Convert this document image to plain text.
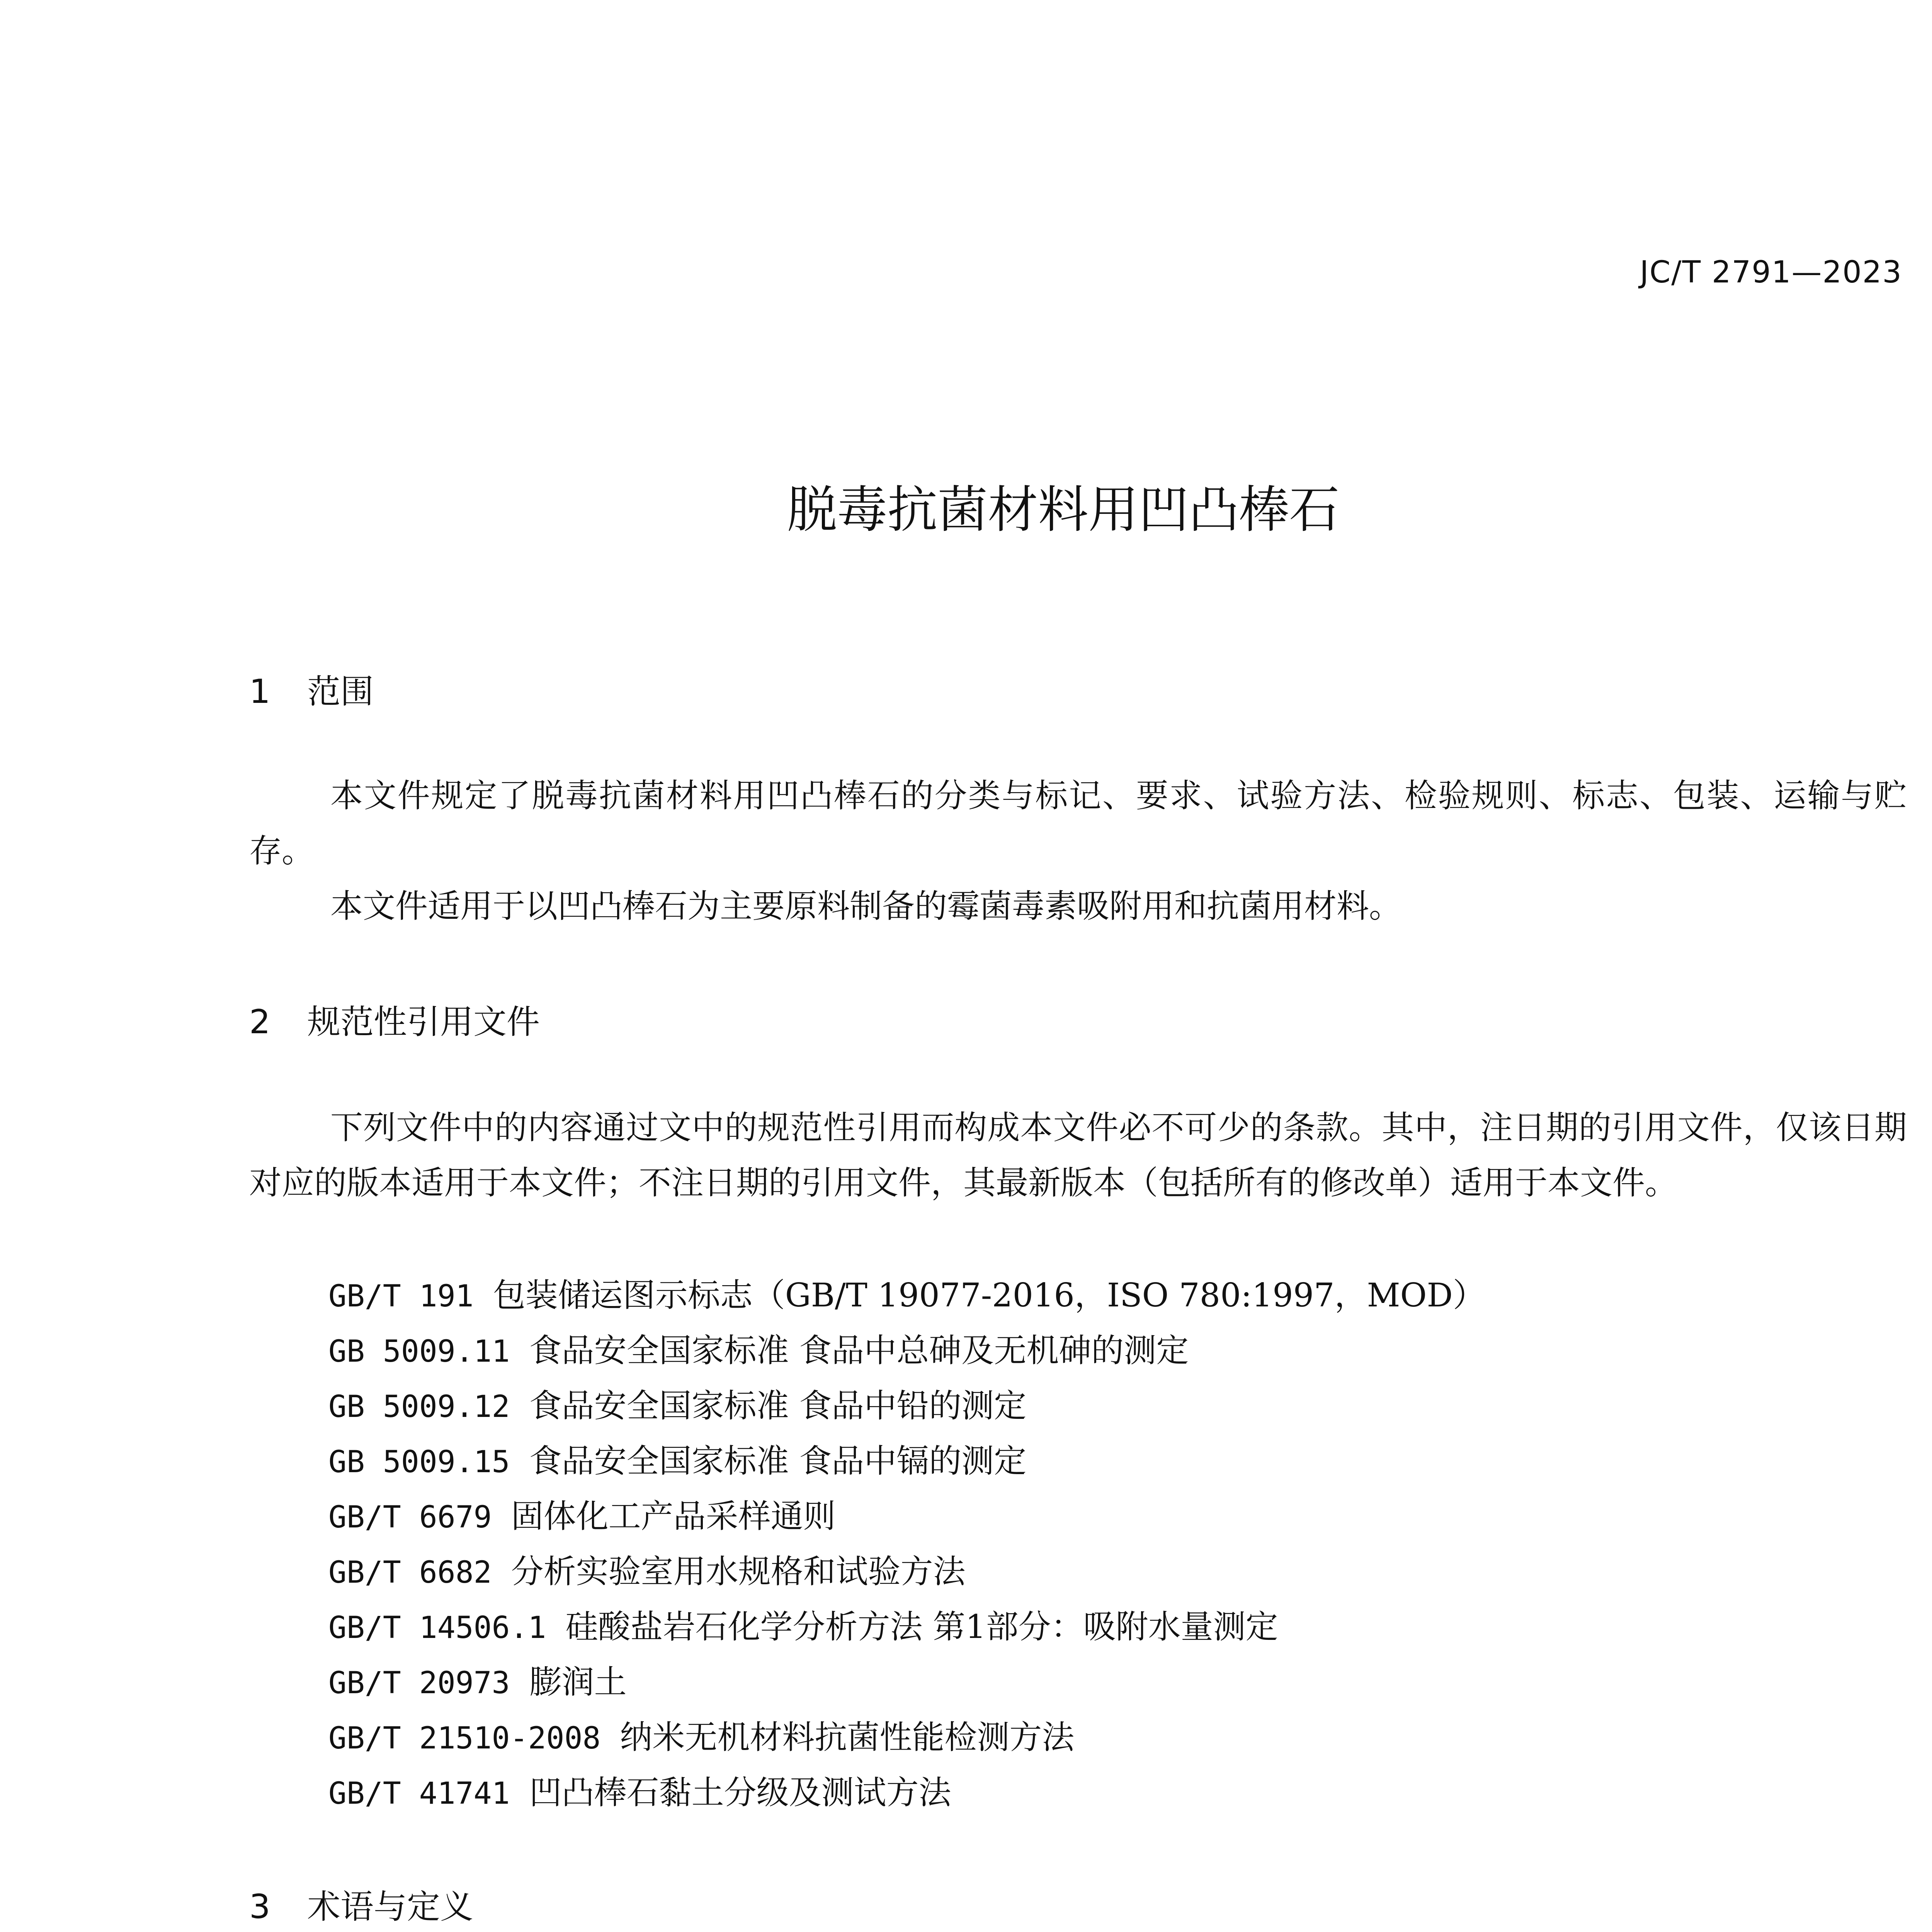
JC/T 2791—2023
脱毒抗菌材料用凹凸棒石
1 范围

本文件规定了脱毒抗菌材料用凹凸棒石的分类与标记、要求、试验方法、检验规则、标志、包装、运输与贮存。

本文件适用于以凹凸棒石为主要原料制备的霉菌毒素吸附用和抗菌用材料。

2 规范性引用文件

下列文件中的内容通过文中的规范性引用而构成本文件必不可少的条款。其中，注日期的引用文件，仅该日期对应的版本适用于本文件；不注日期的引用文件，其最新版本（包括所有的修改单）适用于本文件。

GB/T 191 包装储运图示标志（GB/T 19077-2016，ISO 780:1997，MOD）
GB 5009.11 食品安全国家标准 食品中总砷及无机砷的测定
GB 5009.12 食品安全国家标准 食品中铅的测定
GB 5009.15 食品安全国家标准 食品中镉的测定
GB/T 6679 固体化工产品采样通则
GB/T 6682 分析实验室用水规格和试验方法
GB/T 14506.1 硅酸盐岩石化学分析方法 第1部分：吸附水量测定
GB/T 20973 膨润土
GB/T 21510-2008 纳米无机材料抗菌性能检测方法
GB/T 41741 凹凸棒石黏土分级及测试方法
3 术语与定义
